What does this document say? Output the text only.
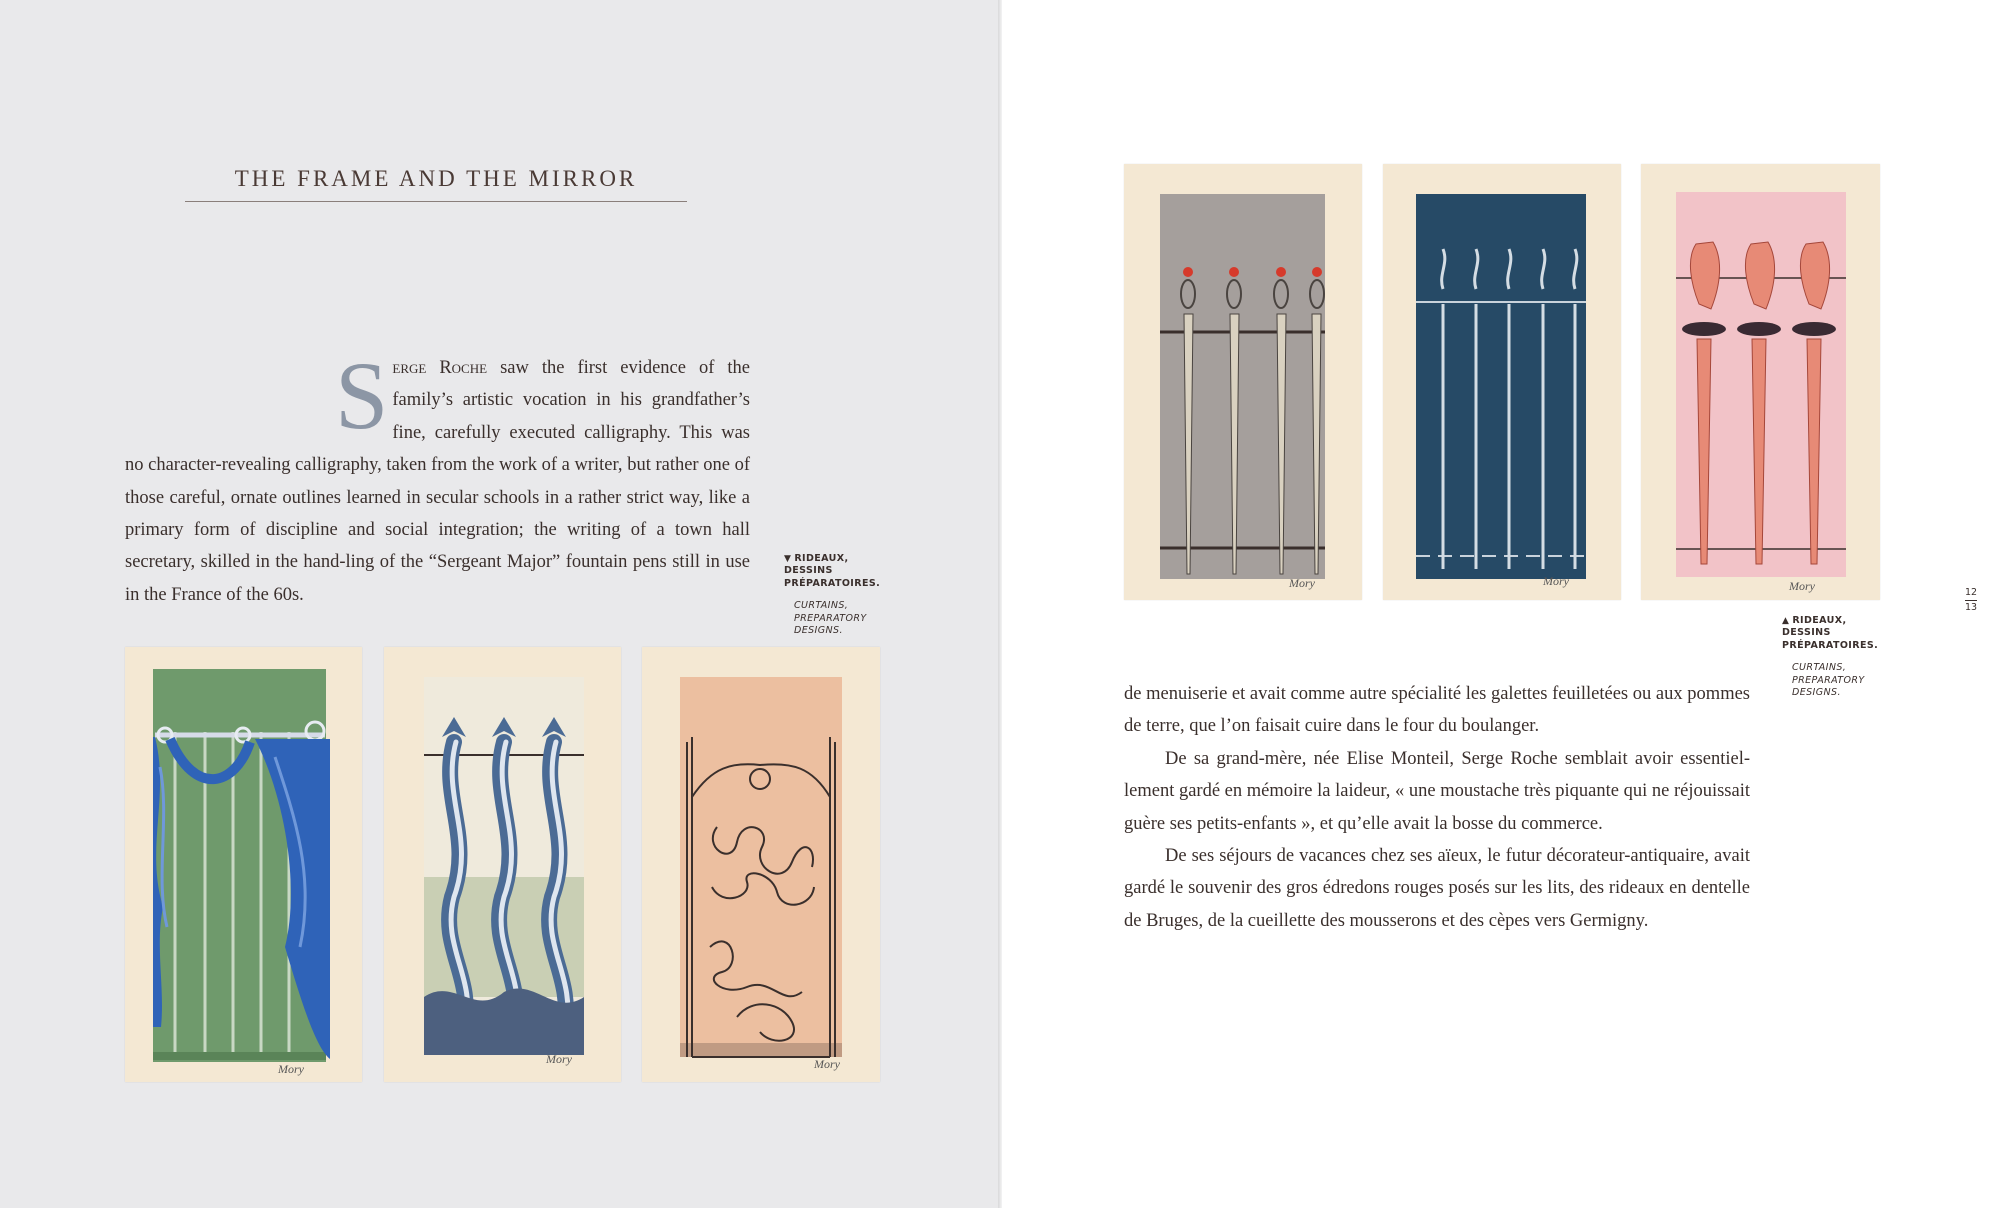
THE FRAME AND THE MIRROR
Serge Roche saw the first evidence of the family’s artistic vocation in his grandfather’s fine, carefully executed calligraphy. This was no character-revealing calligraphy, taken from the work of a writer, but rather one of those careful, ornate outlines learned in secular schools in a rather strict way, like a primary form of discipline and social integration; the writing of a town hall secretary, skilled in the hand-ling of the “Sergeant Major” fountain pens still in use in the France of the 60s.
▼ RIDEAUX, DESSINS PRÉPARATOIRES.
CURTAINS, PREPARATORY DESIGNS.
Mory
Mory	Mory
Mory	Mory	Mory
▲ RIDEAUX, DESSINS PRÉPARATOIRES.
CURTAINS, PREPARATORY DESIGNS.
12
13

de menuiserie et avait comme autre spécialité les galettes feuilletées ou aux pommes de terre, que l’on faisait cuire dans le four du boulanger.

De sa grand-mère, née Elise Monteil, Serge Roche semblait avoir essentiel-lement gardé en mémoire la laideur, « une moustache très piquante qui ne réjouissait guère ses petits-enfants », et qu’elle avait la bosse du commerce.

De ses séjours de vacances chez ses aïeux, le futur décorateur-antiquaire, avait gardé le souvenir des gros édredons rouges posés sur les lits, des rideaux en dentelle de Bruges, de la cueillette des mousserons et des cèpes vers Germigny.
